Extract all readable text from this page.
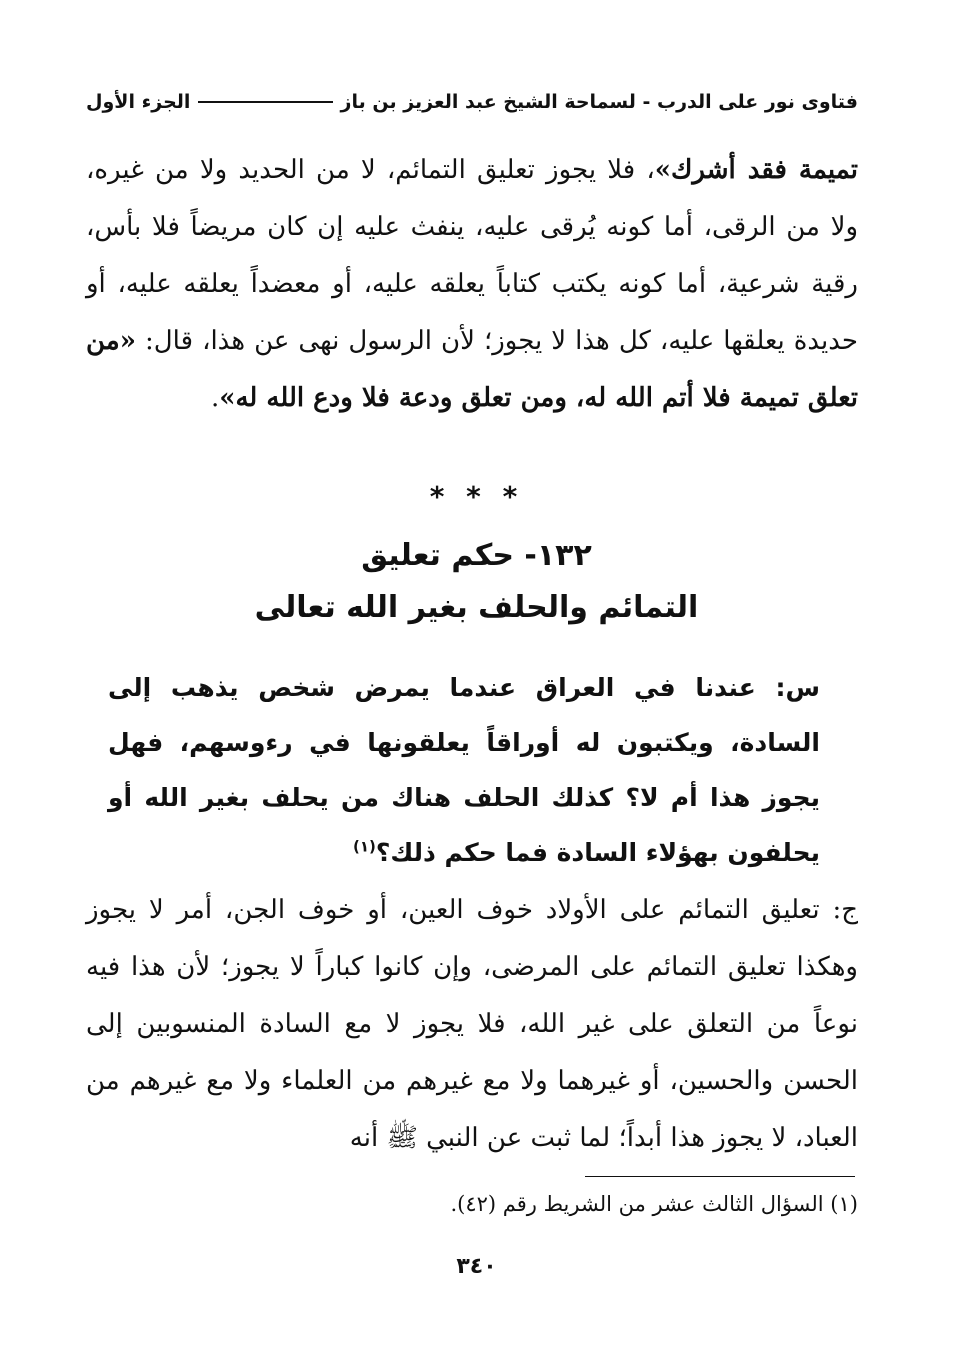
فتاوى نور على الدرب - لسماحة الشيخ عبد العزيز بن باز
الجزء الأول
تميمة فقد أشرك»، فلا يجوز تعليق التمائم، لا من الحديد ولا من غيره، ولا من الرقى، أما كونه يُرقى عليه، ينفث عليه إن كان مريضاً فلا بأس، رقية شرعية، أما كونه يكتب كتاباً يعلقه عليه، أو معضداً يعلقه عليه، أو حديدة يعلقها عليه، كل هذا لا يجوز؛ لأن الرسول نهى عن هذا، قال: «من تعلق تميمة فلا أتم الله له، ومن تعلق ودعة فلا ودع الله له».
* * *
١٣٢- حكم تعليق
التمائم والحلف بغير الله تعالى
س: عندنا في العراق عندما يمرض شخص يذهب إلى السادة، ويكتبون له أوراقاً يعلقونها في رءوسهم، فهل يجوز هذا أم لا؟ كذلك الحلف هناك من يحلف بغير الله أو يحلفون بهؤلاء السادة فما حكم ذلك؟$^{(١)}$
ج: تعليق التمائم على الأولاد خوف العين، أو خوف الجن، أمر لا يجوز وهكذا تعليق التمائم على المرضى، وإن كانوا كباراً لا يجوز؛ لأن هذا فيه نوعاً من التعلق على غير الله، فلا يجوز لا مع السادة المنسوبين إلى الحسن والحسين، أو غيرهما ولا مع غيرهم من العلماء ولا مع غيرهم من العباد، لا يجوز هذا أبداً؛ لما ثبت عن النبي ﷺ أنه
(١) السؤال الثالث عشر من الشريط رقم (٤٢).
٣٤٠
